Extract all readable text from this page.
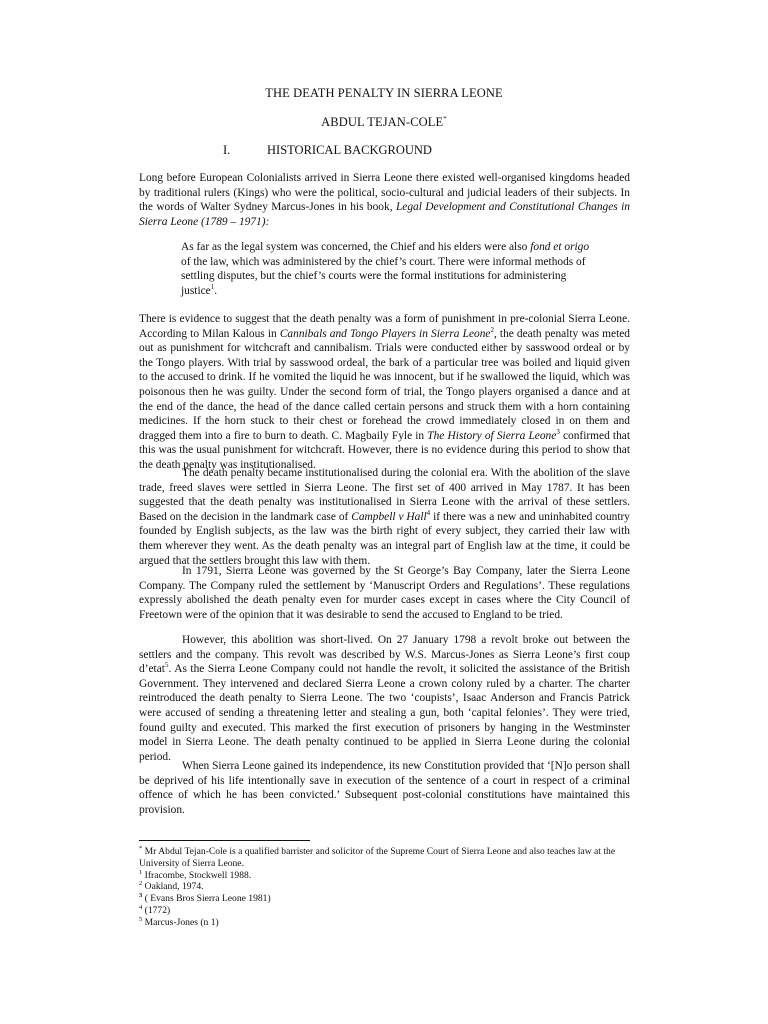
THE DEATH PENALTY IN SIERRA LEONE

ABDUL TEJAN-COLE*

I.	HISTORICAL BACKGROUND

Long before European Colonialists arrived in Sierra Leone there existed well-organised kingdoms headed by traditional rulers (Kings) who were the political, socio-cultural and judicial leaders of their subjects. In the words of Walter Sydney Marcus-Jones in his book, Legal Development and Constitutional Changes in Sierra Leone (1789 – 1971):

As far as the legal system was concerned, the Chief and his elders were also fond et origo of the law, which was administered by the chief’s court. There were informal methods of settling disputes, but the chief’s courts were the formal institutions for administering justice$^1$.

There is evidence to suggest that the death penalty was a form of punishment in pre-colonial Sierra Leone. According to Milan Kalous in Cannibals and Tongo Players in Sierra Leone$^2$, the death penalty was meted out as punishment for witchcraft and cannibalism. Trials were conducted either by sasswood ordeal or by the Tongo players. With trial by sasswood ordeal, the bark of a particular tree was boiled and liquid given to the accused to drink. If he vomited the liquid he was innocent, but if he swallowed the liquid, which was poisonous then he was guilty. Under the second form of trial, the Tongo players organised a dance and at the end of the dance, the head of the dance called certain persons and struck them with a horn containing medicines. If the horn stuck to their chest or forehead the crowd immediately closed in on them and dragged them into a fire to burn to death. C. Magbaily Fyle in The History of Sierra Leone$^3$ confirmed that this was the usual punishment for witchcraft. However, there is no evidence during this period to show that the death penalty was institutionalised.

The death penalty became institutionalised during the colonial era. With the abolition of the slave trade, freed slaves were settled in Sierra Leone. The first set of 400 arrived in May 1787. It has been suggested that the death penalty was institutionalised in Sierra Leone with the arrival of these settlers. Based on the decision in the landmark case of Campbell v Hall$^4$ if there was a new and uninhabited country founded by English subjects, as the law was the birth right of every subject, they carried their law with them wherever they went. As the death penalty was an integral part of English law at the time, it could be argued that the settlers brought this law with them.

In 1791, Sierra Leone was governed by the St George’s Bay Company, later the Sierra Leone Company. The Company ruled the settlement by ‘Manuscript Orders and Regulations’. These regulations expressly abolished the death penalty even for murder cases except in cases where the City Council of Freetown were of the opinion that it was desirable to send the accused to England to be tried.

However, this abolition was short-lived. On 27 January 1798 a revolt broke out between the settlers and the company. This revolt was described by W.S. Marcus-Jones as Sierra Leone’s first coup d’etat$^5$. As the Sierra Leone Company could not handle the revolt, it solicited the assistance of the British Government. They intervened and declared Sierra Leone a crown colony ruled by a charter. The charter reintroduced the death penalty to Sierra Leone. The two ‘coupists’, Isaac Anderson and Francis Patrick were accused of sending a threatening letter and stealing a gun, both ‘capital felonies’. They were tried, found guilty and executed. This marked the first execution of prisoners by hanging in the Westminster model in Sierra Leone. The death penalty continued to be applied in Sierra Leone during the colonial period.

When Sierra Leone gained its independence, its new Constitution provided that ‘[N]o person shall be deprived of his life intentionally save in execution of the sentence of a court in respect of a criminal offence of which he has been convicted.’ Subsequent post-colonial constitutions have maintained this provision.

* Mr Abdul Tejan-Cole is a qualified barrister and solicitor of the Supreme Court of Sierra Leone and also teaches law at the University of Sierra Leone.
$^1$ Ifracombe, Stockwell 1988.
$^2$ Oakland, 1974.
$^3$ ( Evans Bros Sierra Leone 1981)
$^4$ (1772)
$^5$ Marcus-Jones (n 1)
